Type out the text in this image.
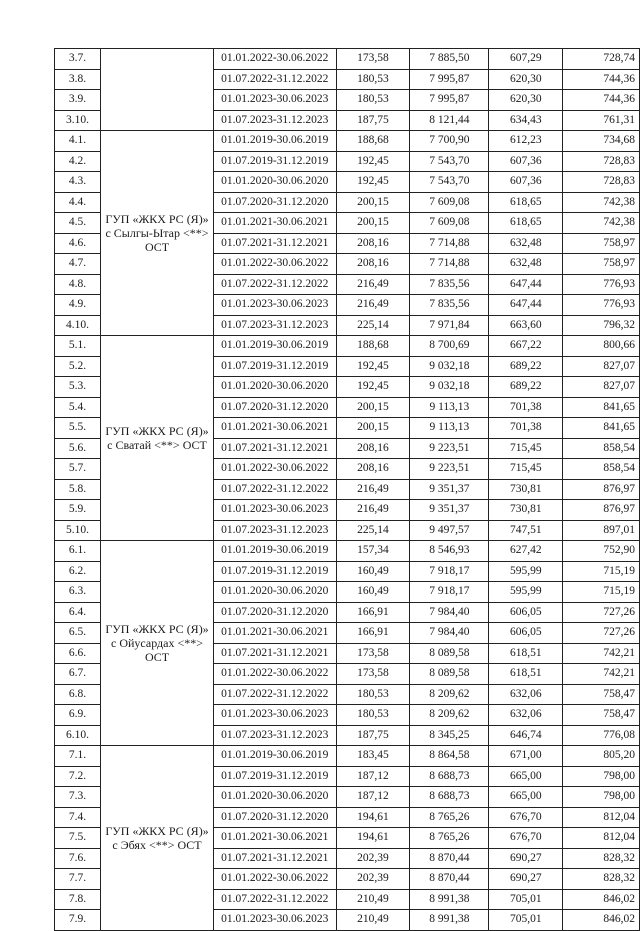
3.7.		01.01.2022-30.06.2022	173,58	7 885,50	607,29	728,74
3.8.		01.07.2022-31.12.2022	180,53	7 995,87	620,30	744,36
3.9.		01.01.2023-30.06.2023	180,53	7 995,87	620,30	744,36
3.10.		01.07.2023-31.12.2023	187,75	8 121,44	634,43	761,31
4.1.	ГУП «ЖКХ РС (Я)» с Сылгы-Ытар <**> ОСТ	01.01.2019-30.06.2019	188,68	7 700,90	612,23	734,68
4.2.		01.07.2019-31.12.2019	192,45	7 543,70	607,36	728,83
4.3.		01.01.2020-30.06.2020	192,45	7 543,70	607,36	728,83
4.4.		01.07.2020-31.12.2020	200,15	7 609,08	618,65	742,38
4.5.		01.01.2021-30.06.2021	200,15	7 609,08	618,65	742,38
4.6.		01.07.2021-31.12.2021	208,16	7 714,88	632,48	758,97
4.7.		01.01.2022-30.06.2022	208,16	7 714,88	632,48	758,97
4.8.		01.07.2022-31.12.2022	216,49	7 835,56	647,44	776,93
4.9.		01.01.2023-30.06.2023	216,49	7 835,56	647,44	776,93
4.10.		01.07.2023-31.12.2023	225,14	7 971,84	663,60	796,32
5.1.	ГУП «ЖКХ РС (Я)» с Сватай <**> ОСТ	01.01.2019-30.06.2019	188,68	8 700,69	667,22	800,66
5.2.		01.07.2019-31.12.2019	192,45	9 032,18	689,22	827,07
5.3.		01.01.2020-30.06.2020	192,45	9 032,18	689,22	827,07
5.4.		01.07.2020-31.12.2020	200,15	9 113,13	701,38	841,65
5.5.		01.01.2021-30.06.2021	200,15	9 113,13	701,38	841,65
5.6.		01.07.2021-31.12.2021	208,16	9 223,51	715,45	858,54
5.7.		01.01.2022-30.06.2022	208,16	9 223,51	715,45	858,54
5.8.		01.07.2022-31.12.2022	216,49	9 351,37	730,81	876,97
5.9.		01.01.2023-30.06.2023	216,49	9 351,37	730,81	876,97
5.10.		01.07.2023-31.12.2023	225,14	9 497,57	747,51	897,01
6.1.	ГУП «ЖКХ РС (Я)» с Ойусардах <**> ОСТ	01.01.2019-30.06.2019	157,34	8 546,93	627,42	752,90
6.2.		01.07.2019-31.12.2019	160,49	7 918,17	595,99	715,19
6.3.		01.01.2020-30.06.2020	160,49	7 918,17	595,99	715,19
6.4.		01.07.2020-31.12.2020	166,91	7 984,40	606,05	727,26
6.5.		01.01.2021-30.06.2021	166,91	7 984,40	606,05	727,26
6.6.		01.07.2021-31.12.2021	173,58	8 089,58	618,51	742,21
6.7.		01.01.2022-30.06.2022	173,58	8 089,58	618,51	742,21
6.8.		01.07.2022-31.12.2022	180,53	8 209,62	632,06	758,47
6.9.		01.01.2023-30.06.2023	180,53	8 209,62	632,06	758,47
6.10.		01.07.2023-31.12.2023	187,75	8 345,25	646,74	776,08
7.1.	ГУП «ЖКХ РС (Я)» с Эбях <**> ОСТ	01.01.2019-30.06.2019	183,45	8 864,58	671,00	805,20
7.2.		01.07.2019-31.12.2019	187,12	8 688,73	665,00	798,00
7.3.		01.01.2020-30.06.2020	187,12	8 688,73	665,00	798,00
7.4.		01.07.2020-31.12.2020	194,61	8 765,26	676,70	812,04
7.5.		01.01.2021-30.06.2021	194,61	8 765,26	676,70	812,04
7.6.		01.07.2021-31.12.2021	202,39	8 870,44	690,27	828,32
7.7.		01.01.2022-30.06.2022	202,39	8 870,44	690,27	828,32
7.8.		01.07.2022-31.12.2022	210,49	8 991,38	705,01	846,02
7.9.		01.01.2023-30.06.2023	210,49	8 991,38	705,01	846,02
